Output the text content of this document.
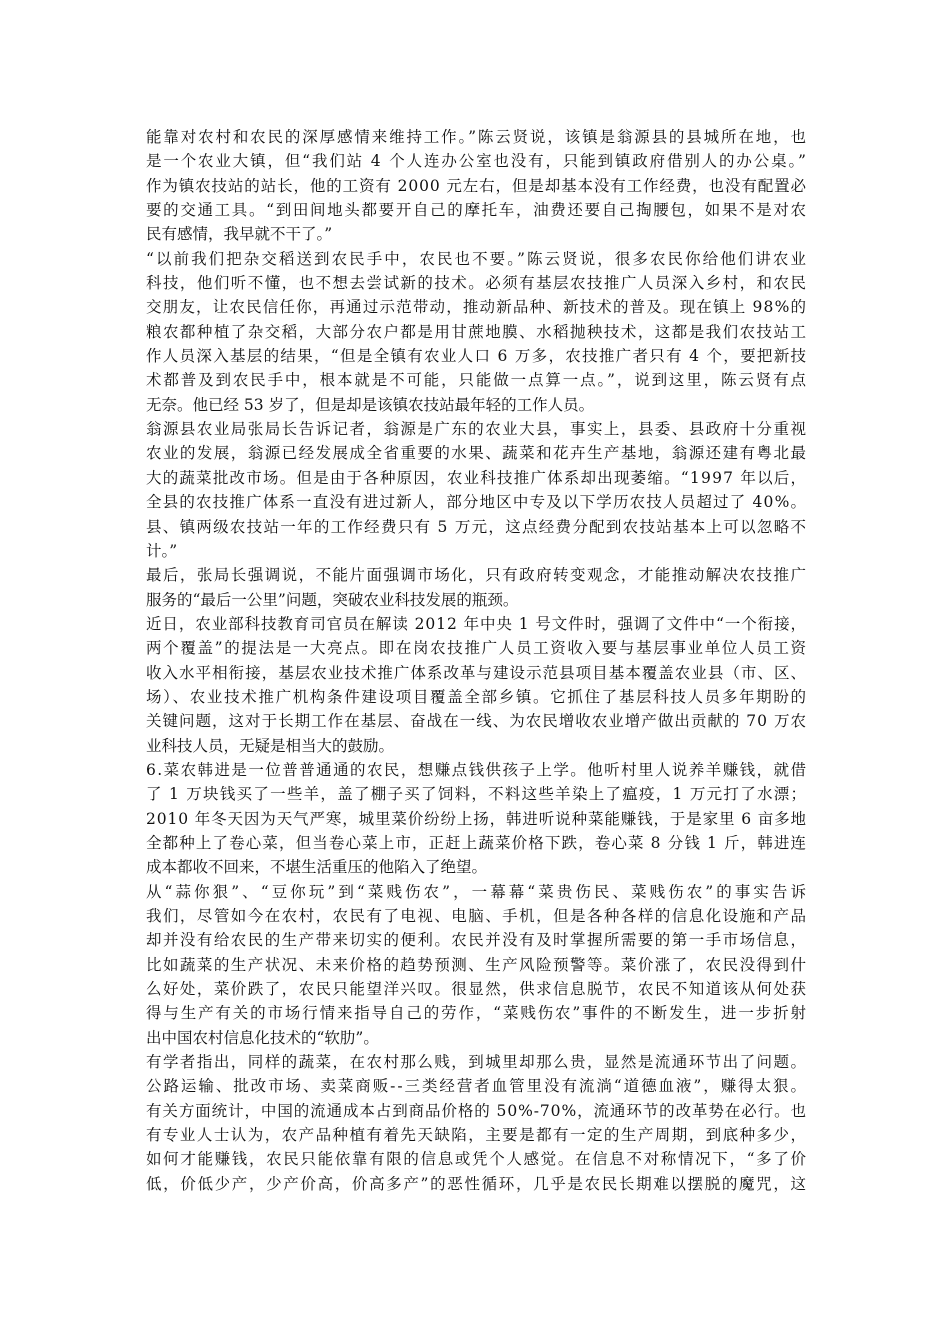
能靠对农村和农民的深厚感情来维持工作。”陈云贤说，该镇是翁源县的县城所在地，也
是一个农业大镇，但“我们站 4 个人连办公室也没有，只能到镇政府借别人的办公桌。”
作为镇农技站的站长，他的工资有 2000 元左右，但是却基本没有工作经费，也没有配置必
要的交通工具。“到田间地头都要开自己的摩托车，油费还要自己掏腰包，如果不是对农
民有感情，我早就不干了。”
“以前我们把杂交稻送到农民手中，农民也不要。”陈云贤说，很多农民你给他们讲农业
科技，他们听不懂，也不想去尝试新的技术。必须有基层农技推广人员深入乡村，和农民
交朋友，让农民信任你，再通过示范带动，推动新品种、新技术的普及。现在镇上 98%的
粮农都种植了杂交稻，大部分农户都是用甘蔗地膜、水稻抛秧技术，这都是我们农技站工
作人员深入基层的结果，“但是全镇有农业人口 6 万多，农技推广者只有 4 个，要把新技
术都普及到农民手中，根本就是不可能，只能做一点算一点。”，说到这里，陈云贤有点
无奈。他已经 53 岁了，但是却是该镇农技站最年轻的工作人员。
翁源县农业局张局长告诉记者，翁源是广东的农业大县，事实上，县委、县政府十分重视
农业的发展，翁源已经发展成全省重要的水果、蔬菜和花卉生产基地，翁源还建有粤北最
大的蔬菜批改市场。但是由于各种原因，农业科技推广体系却出现萎缩。“1997 年以后，
全县的农技推广体系一直没有进过新人，部分地区中专及以下学历农技人员超过了 40%。
县、镇两级农技站一年的工作经费只有 5 万元，这点经费分配到农技站基本上可以忽略不
计。”
最后，张局长强调说，不能片面强调市场化，只有政府转变观念，才能推动解决农技推广
服务的“最后一公里”问题，突破农业科技发展的瓶颈。
近日，农业部科技教育司官员在解读 2012 年中央 1 号文件时，强调了文件中“一个衔接，
两个覆盖”的提法是一大亮点。即在岗农技推广人员工资收入要与基层事业单位人员工资
收入水平相衔接，基层农业技术推广体系改革与建设示范县项目基本覆盖农业县（市、区、
场）、农业技术推广机构条件建设项目覆盖全部乡镇。它抓住了基层科技人员多年期盼的
关键问题，这对于长期工作在基层、奋战在一线、为农民增收农业增产做出贡献的 70 万农
业科技人员，无疑是相当大的鼓励。
6.菜农韩进是一位普普通通的农民，想赚点钱供孩子上学。他听村里人说养羊赚钱，就借
了 1 万块钱买了一些羊，盖了棚子买了饲料，不料这些羊染上了瘟疫，1 万元打了水漂；
2010 年冬天因为天气严寒，城里菜价纷纷上扬，韩进听说种菜能赚钱，于是家里 6 亩多地
全都种上了卷心菜，但当卷心菜上市，正赶上蔬菜价格下跌，卷心菜 8 分钱 1 斤，韩进连
成本都收不回来，不堪生活重压的他陷入了绝望。
从“蒜你狠”、“豆你玩”到“菜贱伤农”，一幕幕“菜贵伤民、菜贱伤农”的事实告诉
我们，尽管如今在农村，农民有了电视、电脑、手机，但是各种各样的信息化设施和产品
却并没有给农民的生产带来切实的便利。农民并没有及时掌握所需要的第一手市场信息，
比如蔬菜的生产状况、未来价格的趋势预测、生产风险预警等。菜价涨了，农民没得到什
么好处，菜价跌了，农民只能望洋兴叹。很显然，供求信息脱节，农民不知道该从何处获
得与生产有关的市场行情来指导自己的劳作，“菜贱伤农”事件的不断发生，进一步折射
出中国农村信息化技术的“软肋”。
有学者指出，同样的蔬菜，在农村那么贱，到城里却那么贵，显然是流通环节出了问题。
公路运输、批改市场、卖菜商贩--三类经营者血管里没有流淌“道德血液”，赚得太狠。
有关方面统计，中国的流通成本占到商品价格的 50%-70%，流通环节的改革势在必行。也
有专业人士认为，农产品种植有着先天缺陷，主要是都有一定的生产周期，到底种多少，
如何才能赚钱，农民只能依靠有限的信息或凭个人感觉。在信息不对称情况下，“多了价
低，价低少产，少产价高，价高多产”的恶性循环，几乎是农民长期难以摆脱的魔咒，这
